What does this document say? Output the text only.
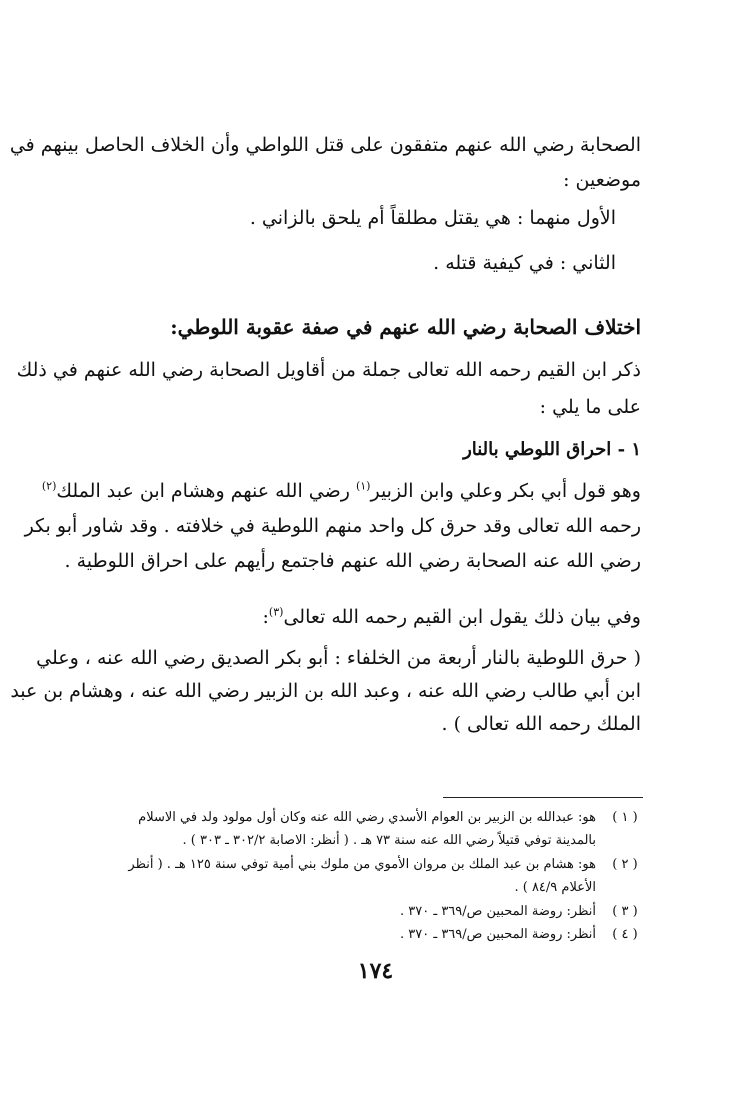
الصحابة رضي الله عنهم متفقون على قتل اللواطي وأن الخلاف الحاصل بينهم في
موضعين :
الأول منهما : هي يقتل مطلقاً أم يلحق بالزاني .
الثاني : في كيفية قتله .
اختلاف الصحابة رضي الله عنهم في صفة عقوبة اللوطي:
ذكر ابن القيم رحمه الله تعالى جملة من أقاويل الصحابة رضي الله عنهم في ذلك
على ما يلي :
١ - احراق اللوطي بالنار
وهو قول أبي بكر وعلي وابن الزبير$^{(١)}$ رضي الله عنهم وهشام ابن عبد الملك$^{(٢)}$
رحمه الله تعالى وقد حرق كل واحد منهم اللوطية في خلافته . وقد شاور أبو بكر
رضي الله عنه الصحابة رضي الله عنهم فاجتمع رأيهم على احراق اللوطية .
وفي بيان ذلك يقول ابن القيم رحمه الله تعالى$^{(٣)}$:
( حرق اللوطية بالنار أربعة من الخلفاء : أبو بكر الصديق رضي الله عنه ، وعلي
ابن أبي طالب رضي الله عنه ، وعبد الله بن الزبير رضي الله عنه ، وهشام بن عبد
الملك رحمه الله تعالى ) .
( ١ )
هو: عبدالله بن الزبير بن العوام الأسدي رضي الله عنه وكان أول مولود ولد في الاسلام
بالمدينة توفي قتيلاً رضي الله عنه سنة ٧٣ هـ . ( أنظر: الاصابة ٣٠٢/٢ ـ ٣٠٣ ) .
( ٢ )
هو: هشام بن عبد الملك بن مروان الأموي من ملوك بني أمية توفي سنة ١٢٥ هـ . ( أنظر
الأعلام ٨٤/٩ ) .
( ٣ )
أنظر: روضة المحبين ص/٣٦٩ ـ ٣٧٠ .
( ٤ )
أنظر: روضة المحبين ص/٣٦٩ ـ ٣٧٠ .
١٧٤
